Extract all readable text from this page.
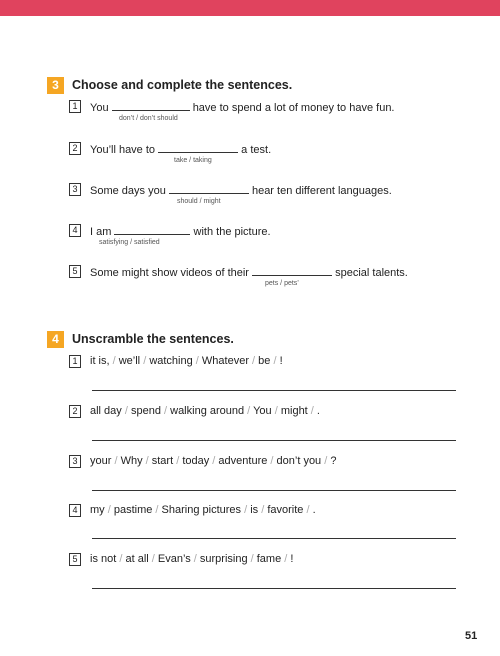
3	Choose and complete the sentences.
1	You	have to spend a lot of money to have fun.
don’t / don’t should
2	You’ll have to	a test.
take / taking
3	Some days you	hear ten different languages.
should / might
4	I am	with the picture.
satisfying / satisfied
5	Some might show videos of their	special talents.
pets / pets’
4	Unscramble the sentences.
1	it is, / we’ll / watching / Whatever / be / !
2	all day / spend / walking around / You / might / .
3	your / Why / start / today / adventure / don’t you / ?
4	my / pastime / Sharing pictures / is / favorite / .
5	is not / at all / Evan’s / surprising / fame / !
51
